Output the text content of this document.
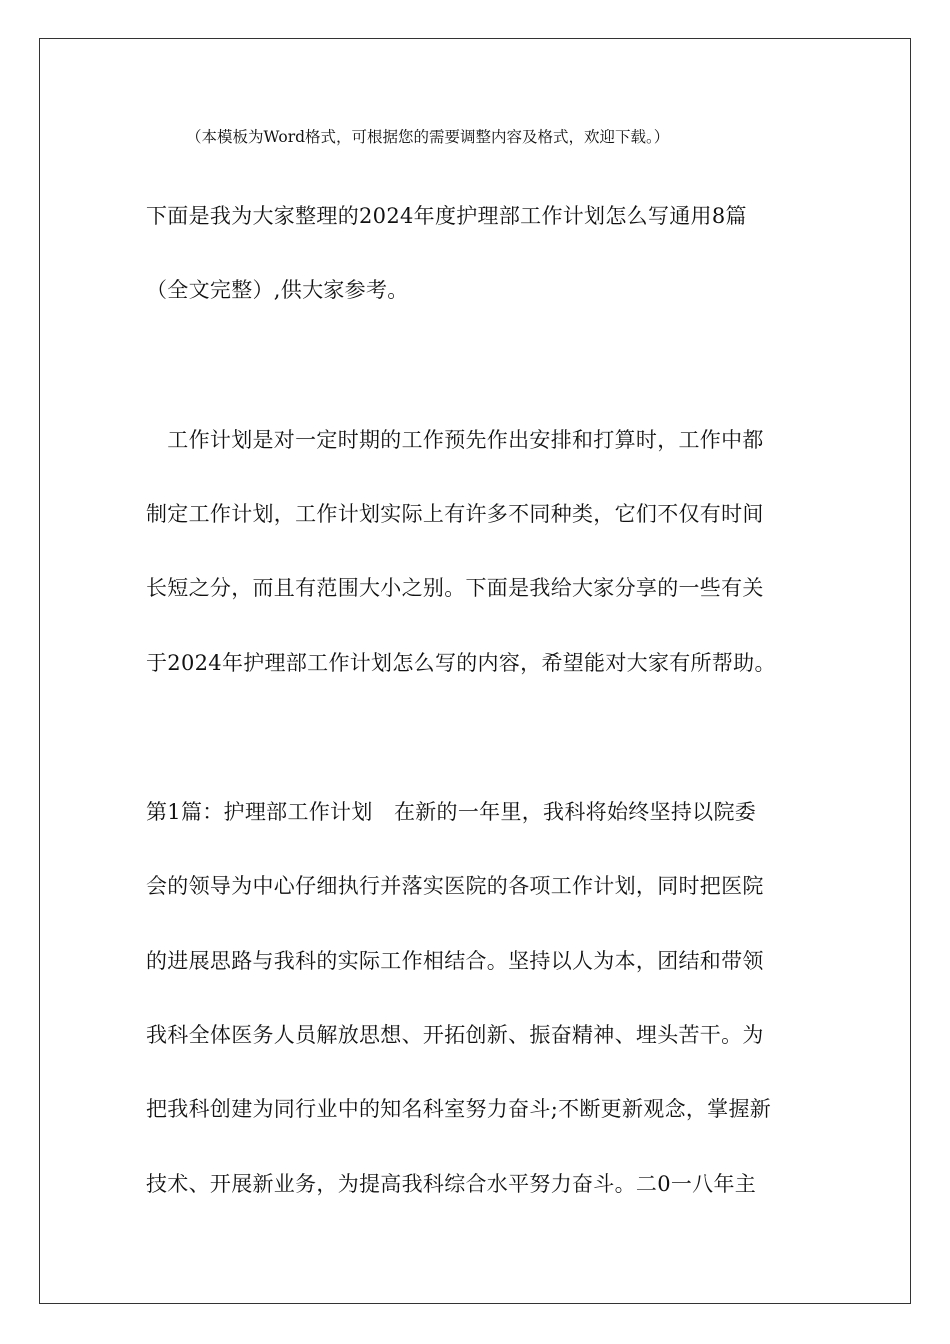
（本模板为Word格式，可根据您的需要调整内容及格式，欢迎下载。）
下面是我为大家整理的2024年度护理部工作计划怎么写通用8篇
（全文完整）,供大家参考。
　工作计划是对一定时期的工作预先作出安排和打算时，工作中都
制定工作计划，工作计划实际上有许多不同种类，它们不仅有时间
长短之分，而且有范围大小之别。下面是我给大家分享的一些有关
于2024年护理部工作计划怎么写的内容，希望能对大家有所帮助。
第1篇：护理部工作计划　在新的一年里，我科将始终坚持以院委
会的领导为中心仔细执行并落实医院的各项工作计划，同时把医院
的进展思路与我科的实际工作相结合。坚持以人为本，团结和带领
我科全体医务人员解放思想、开拓创新、振奋精神、埋头苦干。为
把我科创建为同行业中的知名科室努力奋斗;不断更新观念，掌握新
技术、开展新业务，为提高我科综合水平努力奋斗。二0一八年主
